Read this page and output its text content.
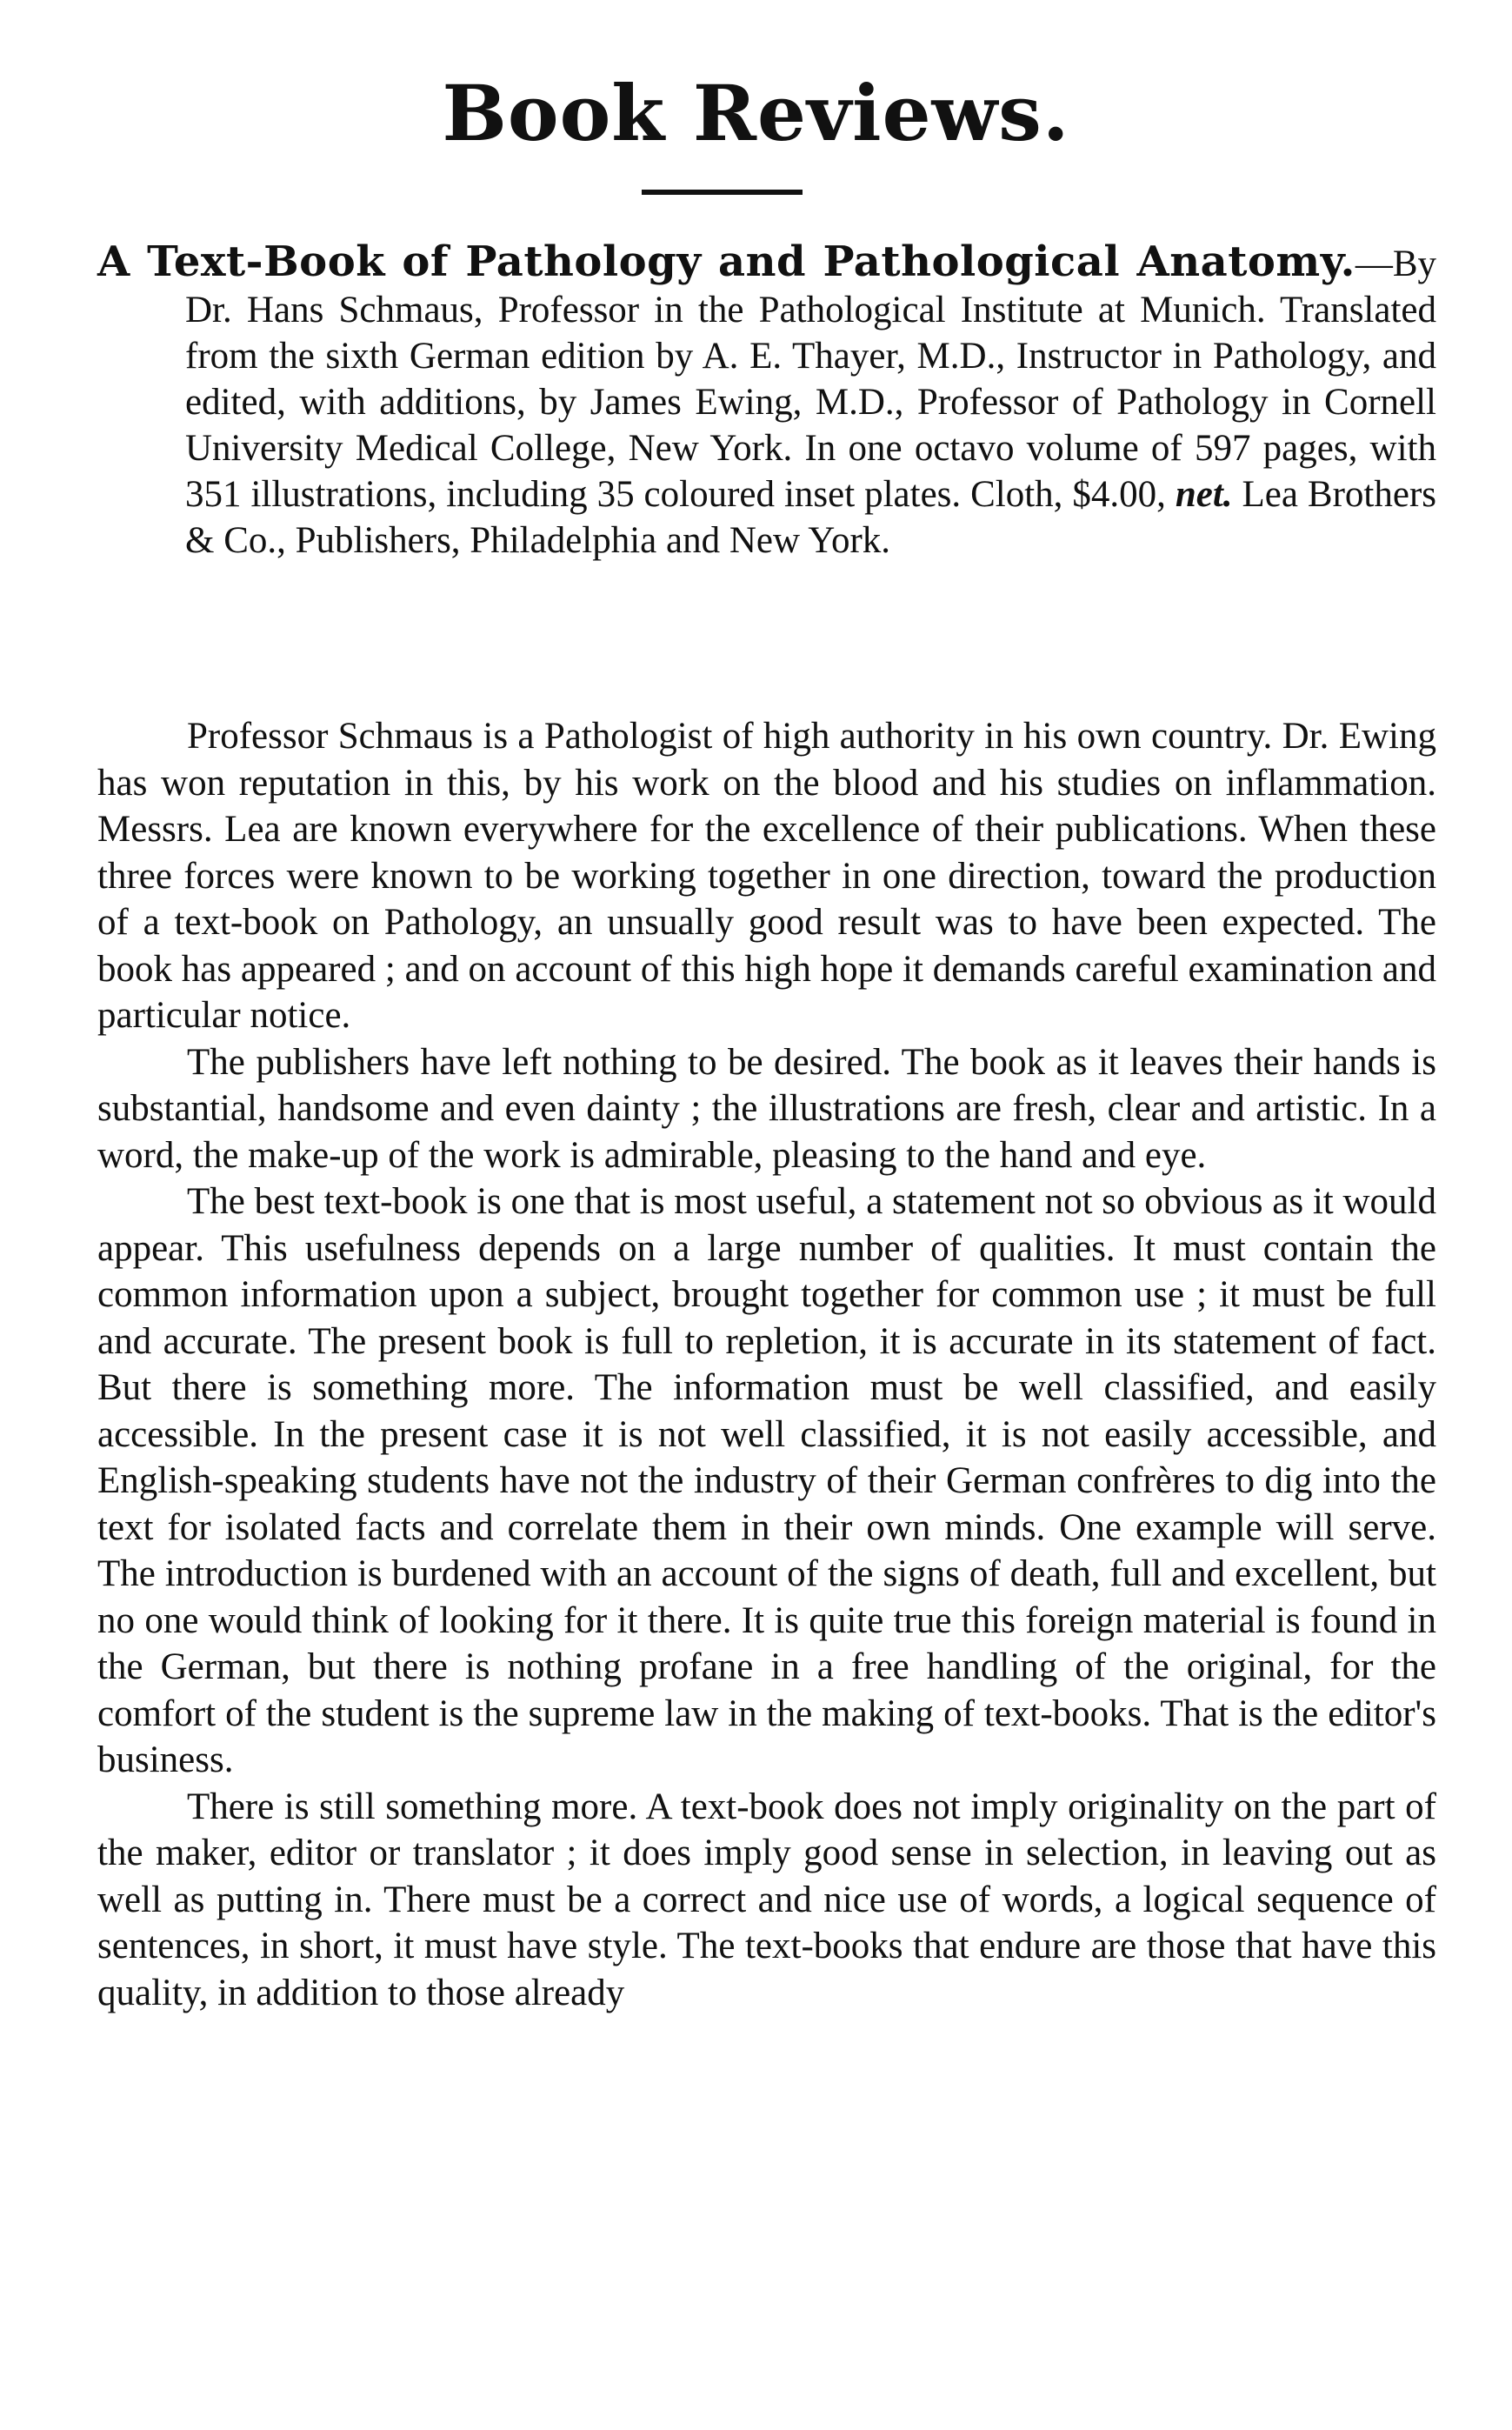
Book Reviews.
A Text-Book of Pathology and Pathological Anatomy.—By Dr. Hans Schmaus, Professor in the Pathological Institute at Munich. Translated from the sixth German edition by A. E. Thayer, M.D., Instructor in Pathology, and edited, with additions, by James Ewing, M.D., Professor of Pathology in Cornell University Medical College, New York. In one octavo volume of 597 pages, with 351 illustrations, including 35 coloured inset plates. Cloth, $4.00, net. Lea Brothers & Co., Publishers, Philadelphia and New York.

Professor Schmaus is a Pathologist of high authority in his own country. Dr. Ewing has won reputation in this, by his work on the blood and his studies on inflammation. Messrs. Lea are known everywhere for the excellence of their publications. When these three forces were known to be working together in one direction, toward the production of a text-book on Pathology, an unsually good result was to have been expected. The book has appeared ; and on account of this high hope it demands careful examination and particular notice.

The publishers have left nothing to be desired. The book as it leaves their hands is substantial, handsome and even dainty ; the illustrations are fresh, clear and artistic. In a word, the make-up of the work is admirable, pleasing to the hand and eye.

The best text-book is one that is most useful, a statement not so obvious as it would appear. This usefulness depends on a large number of qualities. It must contain the common information upon a subject, brought together for common use ; it must be full and accurate. The present book is full to repletion, it is accurate in its statement of fact. But there is something more. The information must be well classified, and easily accessible. In the present case it is not well classified, it is not easily accessible, and English-speaking students have not the industry of their German confrères to dig into the text for isolated facts and correlate them in their own minds. One example will serve. The introduction is burdened with an account of the signs of death, full and excellent, but no one would think of looking for it there. It is quite true this foreign material is found in the German, but there is nothing profane in a free handling of the original, for the comfort of the student is the supreme law in the making of text-books. That is the editor's business.

There is still something more. A text-book does not imply originality on the part of the maker, editor or translator ; it does imply good sense in selection, in leaving out as well as putting in. There must be a correct and nice use of words, a logical sequence of sentences, in short, it must have style. The text-books that endure are those that have this quality, in addition to those already
